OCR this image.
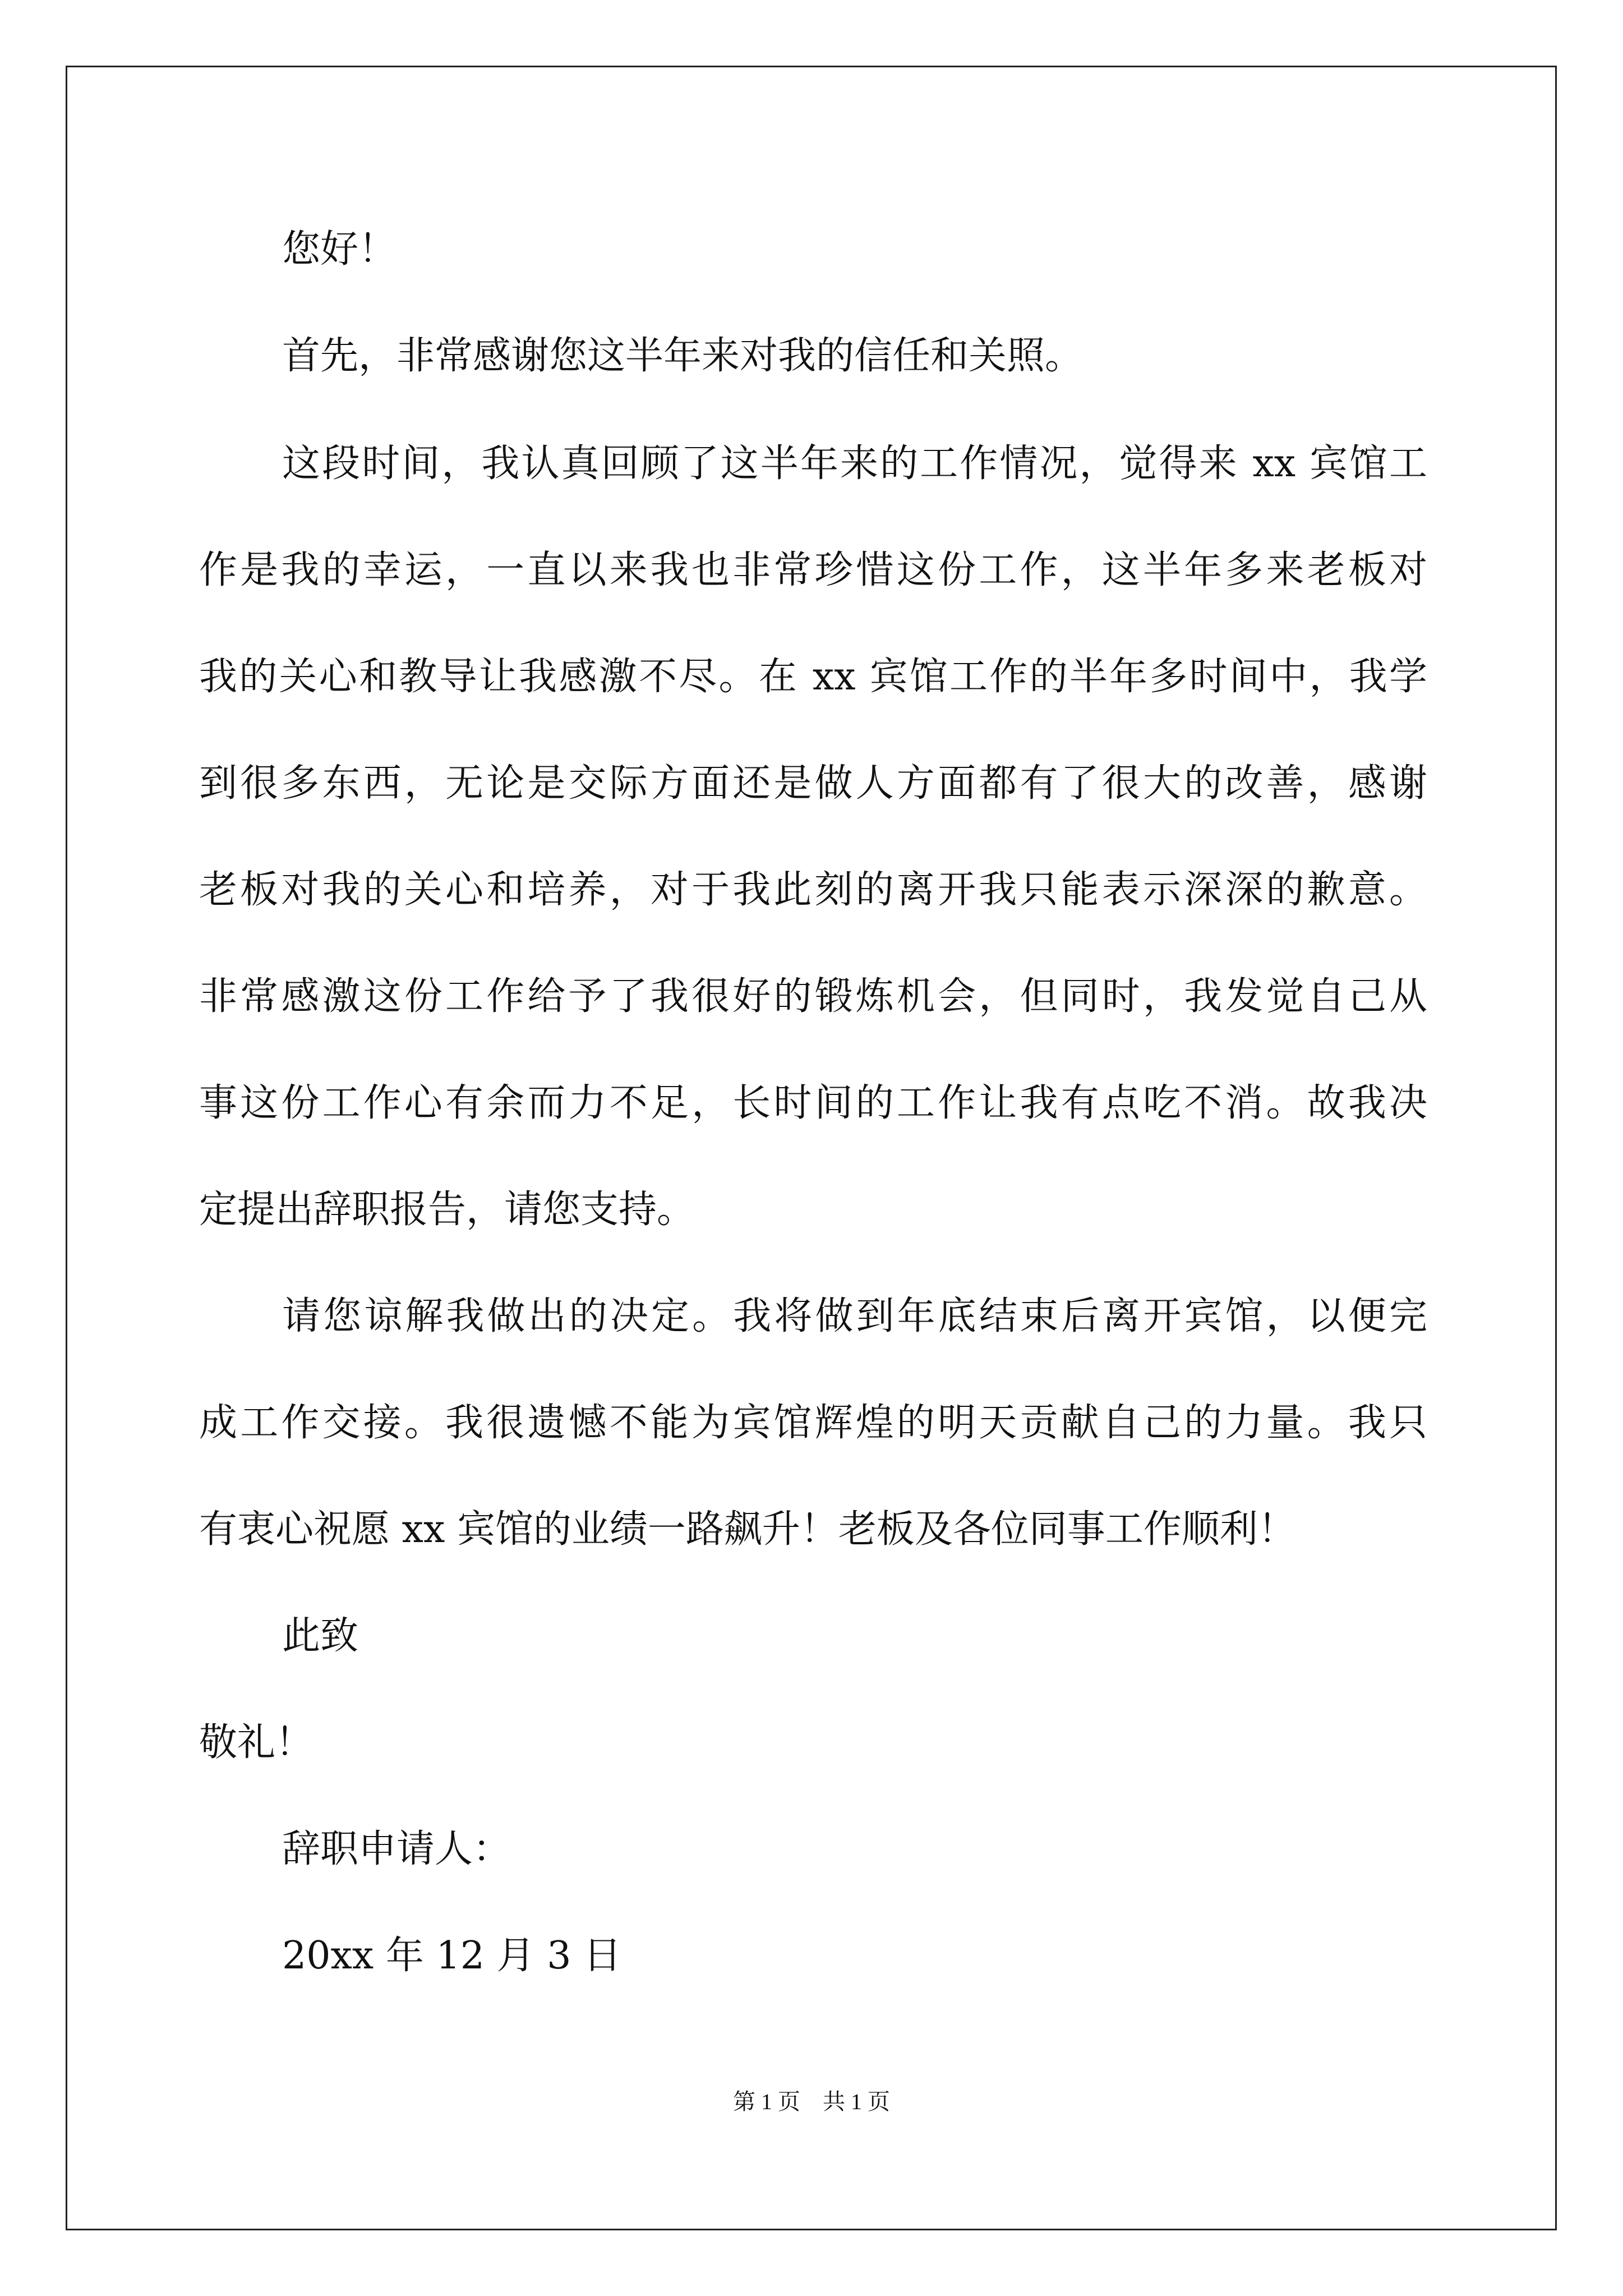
您好！
首先，非常感谢您这半年来对我的信任和关照。
这段时间，我认真回顾了这半年来的工作情况，觉得来 xx 宾馆工
作是我的幸运，一直以来我也非常珍惜这份工作，这半年多来老板对
我的关心和教导让我感激不尽。在 xx 宾馆工作的半年多时间中，我学
到很多东西，无论是交际方面还是做人方面都有了很大的改善，感谢
老板对我的关心和培养，对于我此刻的离开我只能表示深深的歉意。
非常感激这份工作给予了我很好的锻炼机会，但同时，我发觉自己从
事这份工作心有余而力不足，长时间的工作让我有点吃不消。故我决
定提出辞职报告，请您支持。
请您谅解我做出的决定。我将做到年底结束后离开宾馆，以便完
成工作交接。我很遗憾不能为宾馆辉煌的明天贡献自己的力量。我只
有衷心祝愿 xx 宾馆的业绩一路飙升！老板及各位同事工作顺利！
此致
敬礼！
辞职申请人：
20xx 年 12 月 3 日
第 1 页　共 1 页
